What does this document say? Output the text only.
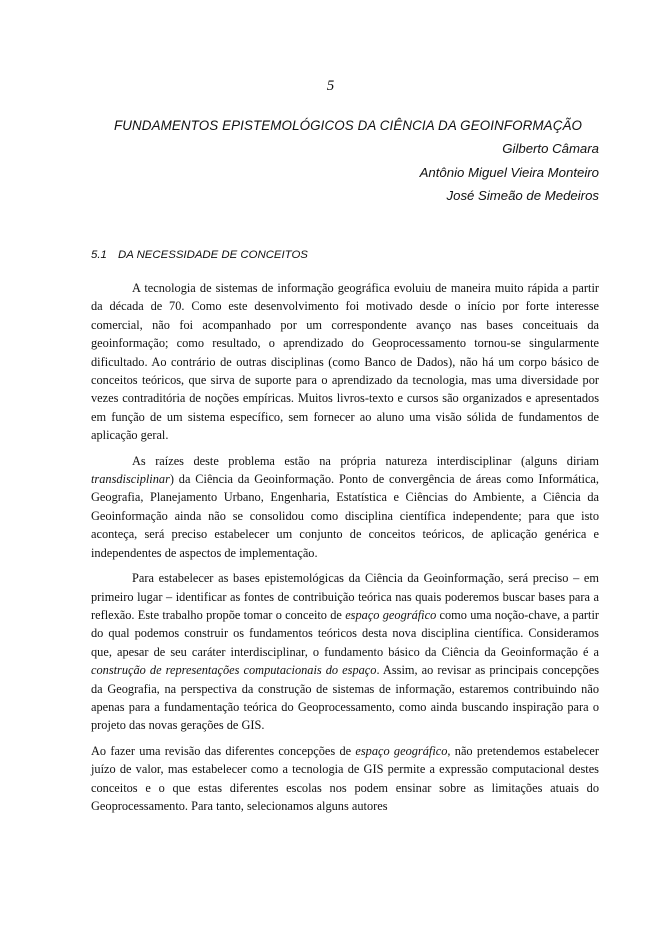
5
FUNDAMENTOS EPISTEMOLÓGICOS DA CIÊNCIA DA GEOINFORMAÇÃO
Gilberto Câmara
Antônio Miguel Vieira Monteiro
José Simeão de Medeiros
5.1 DA NECESSIDADE DE CONCEITOS

A tecnologia de sistemas de informação geográfica evoluiu de maneira muito rápida a partir da década de 70. Como este desenvolvimento foi motivado desde o início por forte interesse comercial, não foi acompanhado por um correspondente avanço nas bases conceituais da geoinformação; como resultado, o aprendizado do Geoprocessamento tornou-se singularmente dificultado. Ao contrário de outras disciplinas (como Banco de Dados), não há um corpo básico de conceitos teóricos, que sirva de suporte para o aprendizado da tecnologia, mas uma diversidade por vezes contraditória de noções empíricas. Muitos livros-texto e cursos são organizados e apresentados em função de um sistema específico, sem fornecer ao aluno uma visão sólida de fundamentos de aplicação geral.

As raízes deste problema estão na própria natureza interdisciplinar (alguns diriam transdisciplinar) da Ciência da Geoinformação. Ponto de convergência de áreas como Informática, Geografia, Planejamento Urbano, Engenharia, Estatística e Ciências do Ambiente, a Ciência da Geoinformação ainda não se consolidou como disciplina científica independente; para que isto aconteça, será preciso estabelecer um conjunto de conceitos teóricos, de aplicação genérica e independentes de aspectos de implementação.

Para estabelecer as bases epistemológicas da Ciência da Geoinformação, será preciso – em primeiro lugar – identificar as fontes de contribuição teórica nas quais poderemos buscar bases para a reflexão. Este trabalho propõe tomar o conceito de espaço geográfico como uma noção-chave, a partir do qual podemos construir os fundamentos teóricos desta nova disciplina científica. Consideramos que, apesar de seu caráter interdisciplinar, o fundamento básico da Ciência da Geoinformação é a construção de representações computacionais do espaço. Assim, ao revisar as principais concepções da Geografia, na perspectiva da construção de sistemas de informação, estaremos contribuindo não apenas para a fundamentação teórica do Geoprocessamento, como ainda buscando inspiração para o projeto das novas gerações de GIS.

Ao fazer uma revisão das diferentes concepções de espaço geográfico, não pretendemos estabelecer juízo de valor, mas estabelecer como a tecnologia de GIS permite a expressão computacional destes conceitos e o que estas diferentes escolas nos podem ensinar sobre as limitações atuais do Geoprocessamento. Para tanto, selecionamos alguns autores
